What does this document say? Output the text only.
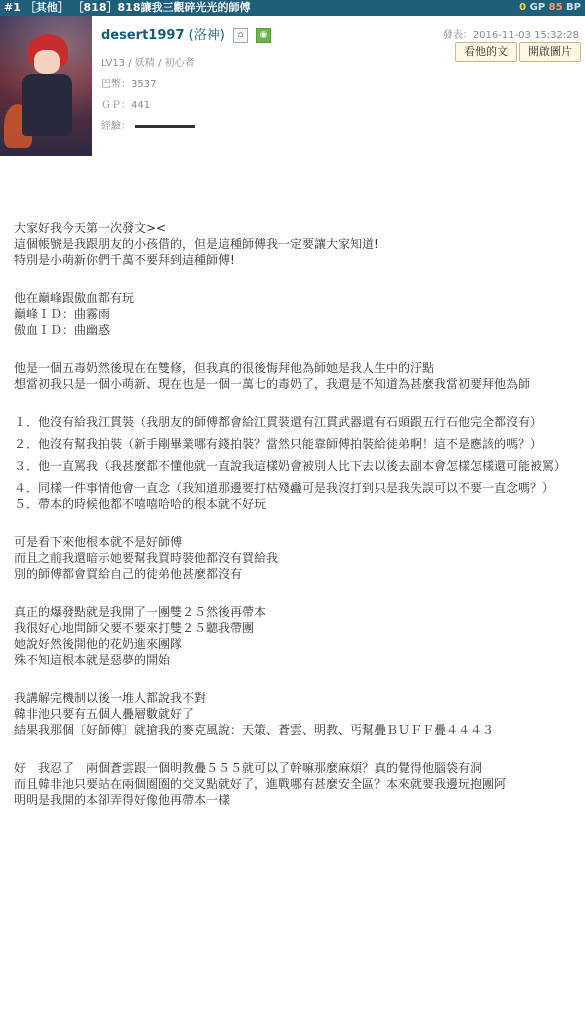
#1 ［其他］ ［818］818讓我三觀碎光光的師傅	0 GP 85 BP
desert1997 (洛神) ⌂ ◉
LV13 / 妖精 / 初心者
巴幣：3537
ＧＰ：441
經驗：
發表：2016-11-03 15:32:28
看他的文	開啟圖片

大家好我今天第一次發文><
這個帳號是我跟朋友的小孩借的，但是這種師傅我一定要讓大家知道!
特別是小萌新你們千萬不要拜到這種師傅!

他在巔峰跟傲血都有玩
巔峰ＩＤ：曲霧雨
傲血ＩＤ：曲幽惑

他是一個五毒奶然後現在在雙修，但我真的很後悔拜他為師她是我人生中的汙點
想當初我只是一個小萌新、現在也是一個一萬七的毒奶了，我還是不知道為甚麼我當初要拜他為師

１．他沒有給我江貫裝（我朋友的師傅都會給江貫裝還有江貫武器還有石頭跟五行石他完全都沒有）
２．他沒有幫我拍裝（新手剛畢業哪有錢拍裝？當然只能靠師傅拍裝給徒弟啊！這不是應該的嗎？）

３．他一直罵我（我甚麼都不懂他就一直說我這樣奶會被別人比下去以後去副本會怎樣怎樣還可能被罵）
４．同樣一件事情他會一直念（我知道那邊要打枯殘蠱可是我沒打到只是我失誤可以不要一直念嗎？）
５．帶本的時候他都不嘻嘻哈哈的根本就不好玩

可是看下來他根本就不是好師傅
而且之前我還暗示她要幫我買時裝他都沒有買給我
別的師傅都會買給自己的徒弟他甚麼都沒有

真正的爆發點就是我開了一團雙２５然後再帶本
我很好心地問師父要不要來打雙２５聽我帶團
她說好然後開他的花奶進來團隊
殊不知這根本就是惡夢的開始

我講解完機制以後一堆人都說我不對
韓非池只要有五個人疊層數就好了
結果我那個〔好師傅〕就搶我的麥克風說：天策、蒼雲、明教、丐幫疊ＢＵＦＦ疊４４４３

好　我忍了　兩個蒼雲跟一個明教疊５５５就可以了幹嘛那麼麻煩？真的覺得他腦袋有洞
而且韓非池只要站在兩個圈圈的交叉點就好了，進戰哪有甚麼安全區？本來就要我邊玩抱團阿
明明是我開的本卻弄得好像他再帶本一樣
